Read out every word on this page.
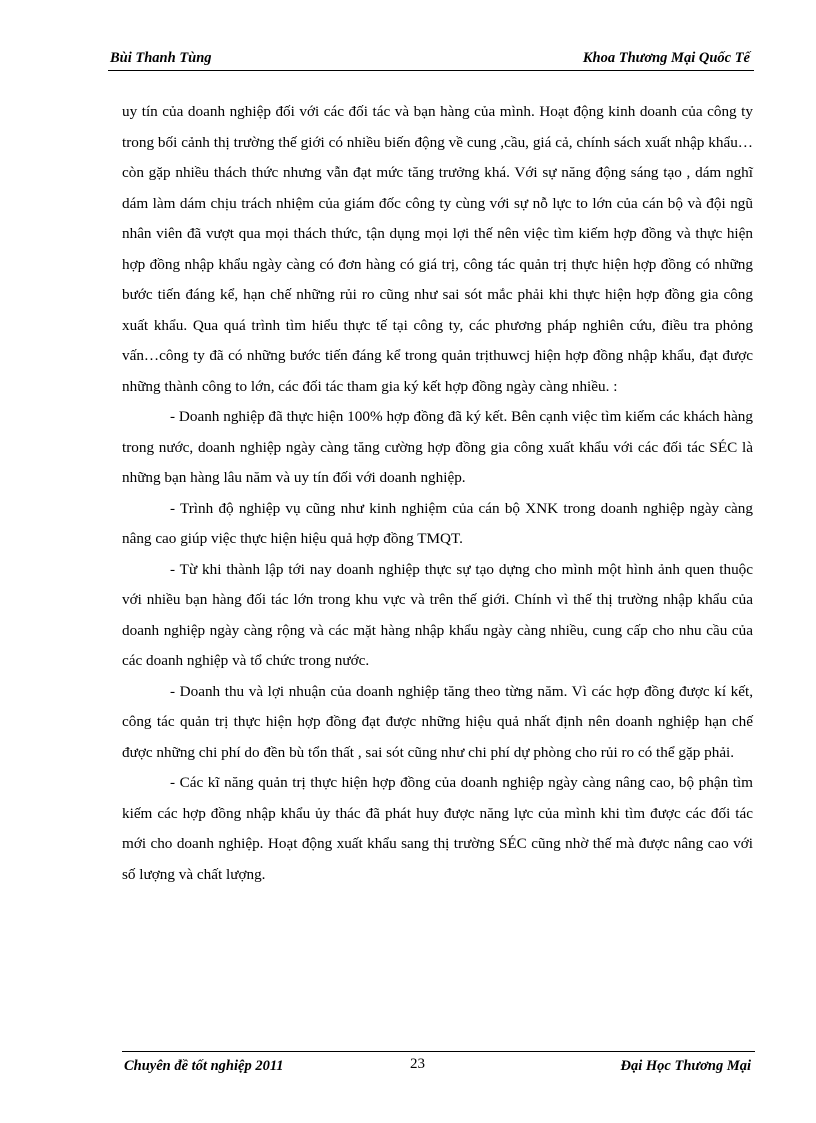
Bùi Thanh Tùng	Khoa Thương Mại Quốc Tế

uy tín của doanh nghiệp đối với các đối tác và bạn hàng của mình. Hoạt động kinh doanh của công ty trong bối cảnh thị trường thế giới có nhiều biến động về cung ,cầu, giá cả, chính sách xuất nhập khẩu…còn gặp nhiều thách thức nhưng vẫn đạt mức tăng trưởng khá. Với sự năng động sáng tạo , dám nghĩ dám làm dám chịu trách nhiệm của giám đốc công ty cùng với sự nỗ lực to lớn của cán bộ và đội ngũ nhân viên đã vượt qua mọi thách thức, tận dụng mọi lợi thế nên việc tìm kiếm hợp đồng và thực hiện hợp đồng nhập khẩu ngày càng có đơn hàng có giá trị, công tác quản trị thực hiện hợp đồng có những bước tiến đáng kể, hạn chế những rủi ro cũng như sai sót mắc phải khi thực hiện hợp đồng gia công xuất khẩu. Qua quá trình tìm hiểu thực tế tại công ty, các phương pháp nghiên cứu, điều tra phỏng vấn…công ty đã có những bước tiến đáng kể trong quản trịthuwcj hiện hợp đồng nhập khẩu, đạt được những thành công to lớn, các đối tác tham gia ký kết hợp đồng ngày càng nhiều. :

- Doanh nghiệp đã thực hiện 100% hợp đồng đã ký kết. Bên cạnh việc tìm kiếm các khách hàng trong nước, doanh nghiệp ngày càng tăng cường hợp đồng gia công xuất khẩu với các đối tác SÉC là những bạn hàng lâu năm và uy tín đối với doanh nghiệp.

- Trình độ nghiệp vụ cũng như kinh nghiệm của cán bộ XNK trong doanh nghiệp ngày càng nâng cao giúp việc thực hiện hiệu quả hợp đồng TMQT.

- Từ khi thành lập tới nay doanh nghiệp thực sự tạo dựng cho mình một hình ảnh quen thuộc với nhiều bạn hàng đối tác lớn trong khu vực và trên thế giới. Chính vì thế thị trường nhập khẩu của doanh nghiệp ngày càng rộng và các mặt hàng nhập khẩu ngày càng nhiều, cung cấp cho nhu cầu của các doanh nghiệp và tổ chức trong nước.

- Doanh thu và lợi nhuận của doanh nghiệp tăng theo từng năm. Vì các hợp đồng được kí kết, công tác quản trị thực hiện hợp đồng đạt được những hiệu quả nhất định nên doanh nghiệp hạn chế được những chi phí do đền bù tổn thất , sai sót cũng như chi phí dự phòng cho rủi ro có thể gặp phải.

- Các kĩ năng quản trị thực hiện hợp đồng của doanh nghiệp ngày càng nâng cao, bộ phận tìm kiếm các hợp đồng nhập khẩu ủy thác đã phát huy được năng lực của mình khi tìm được các đối tác mới cho doanh nghiệp. Hoạt động xuất khẩu sang thị trường SÉC cũng nhờ thế mà được nâng cao với số lượng và chất lượng.

Chuyên đề tốt nghiệp 2011	23	Đại Học Thương Mại
